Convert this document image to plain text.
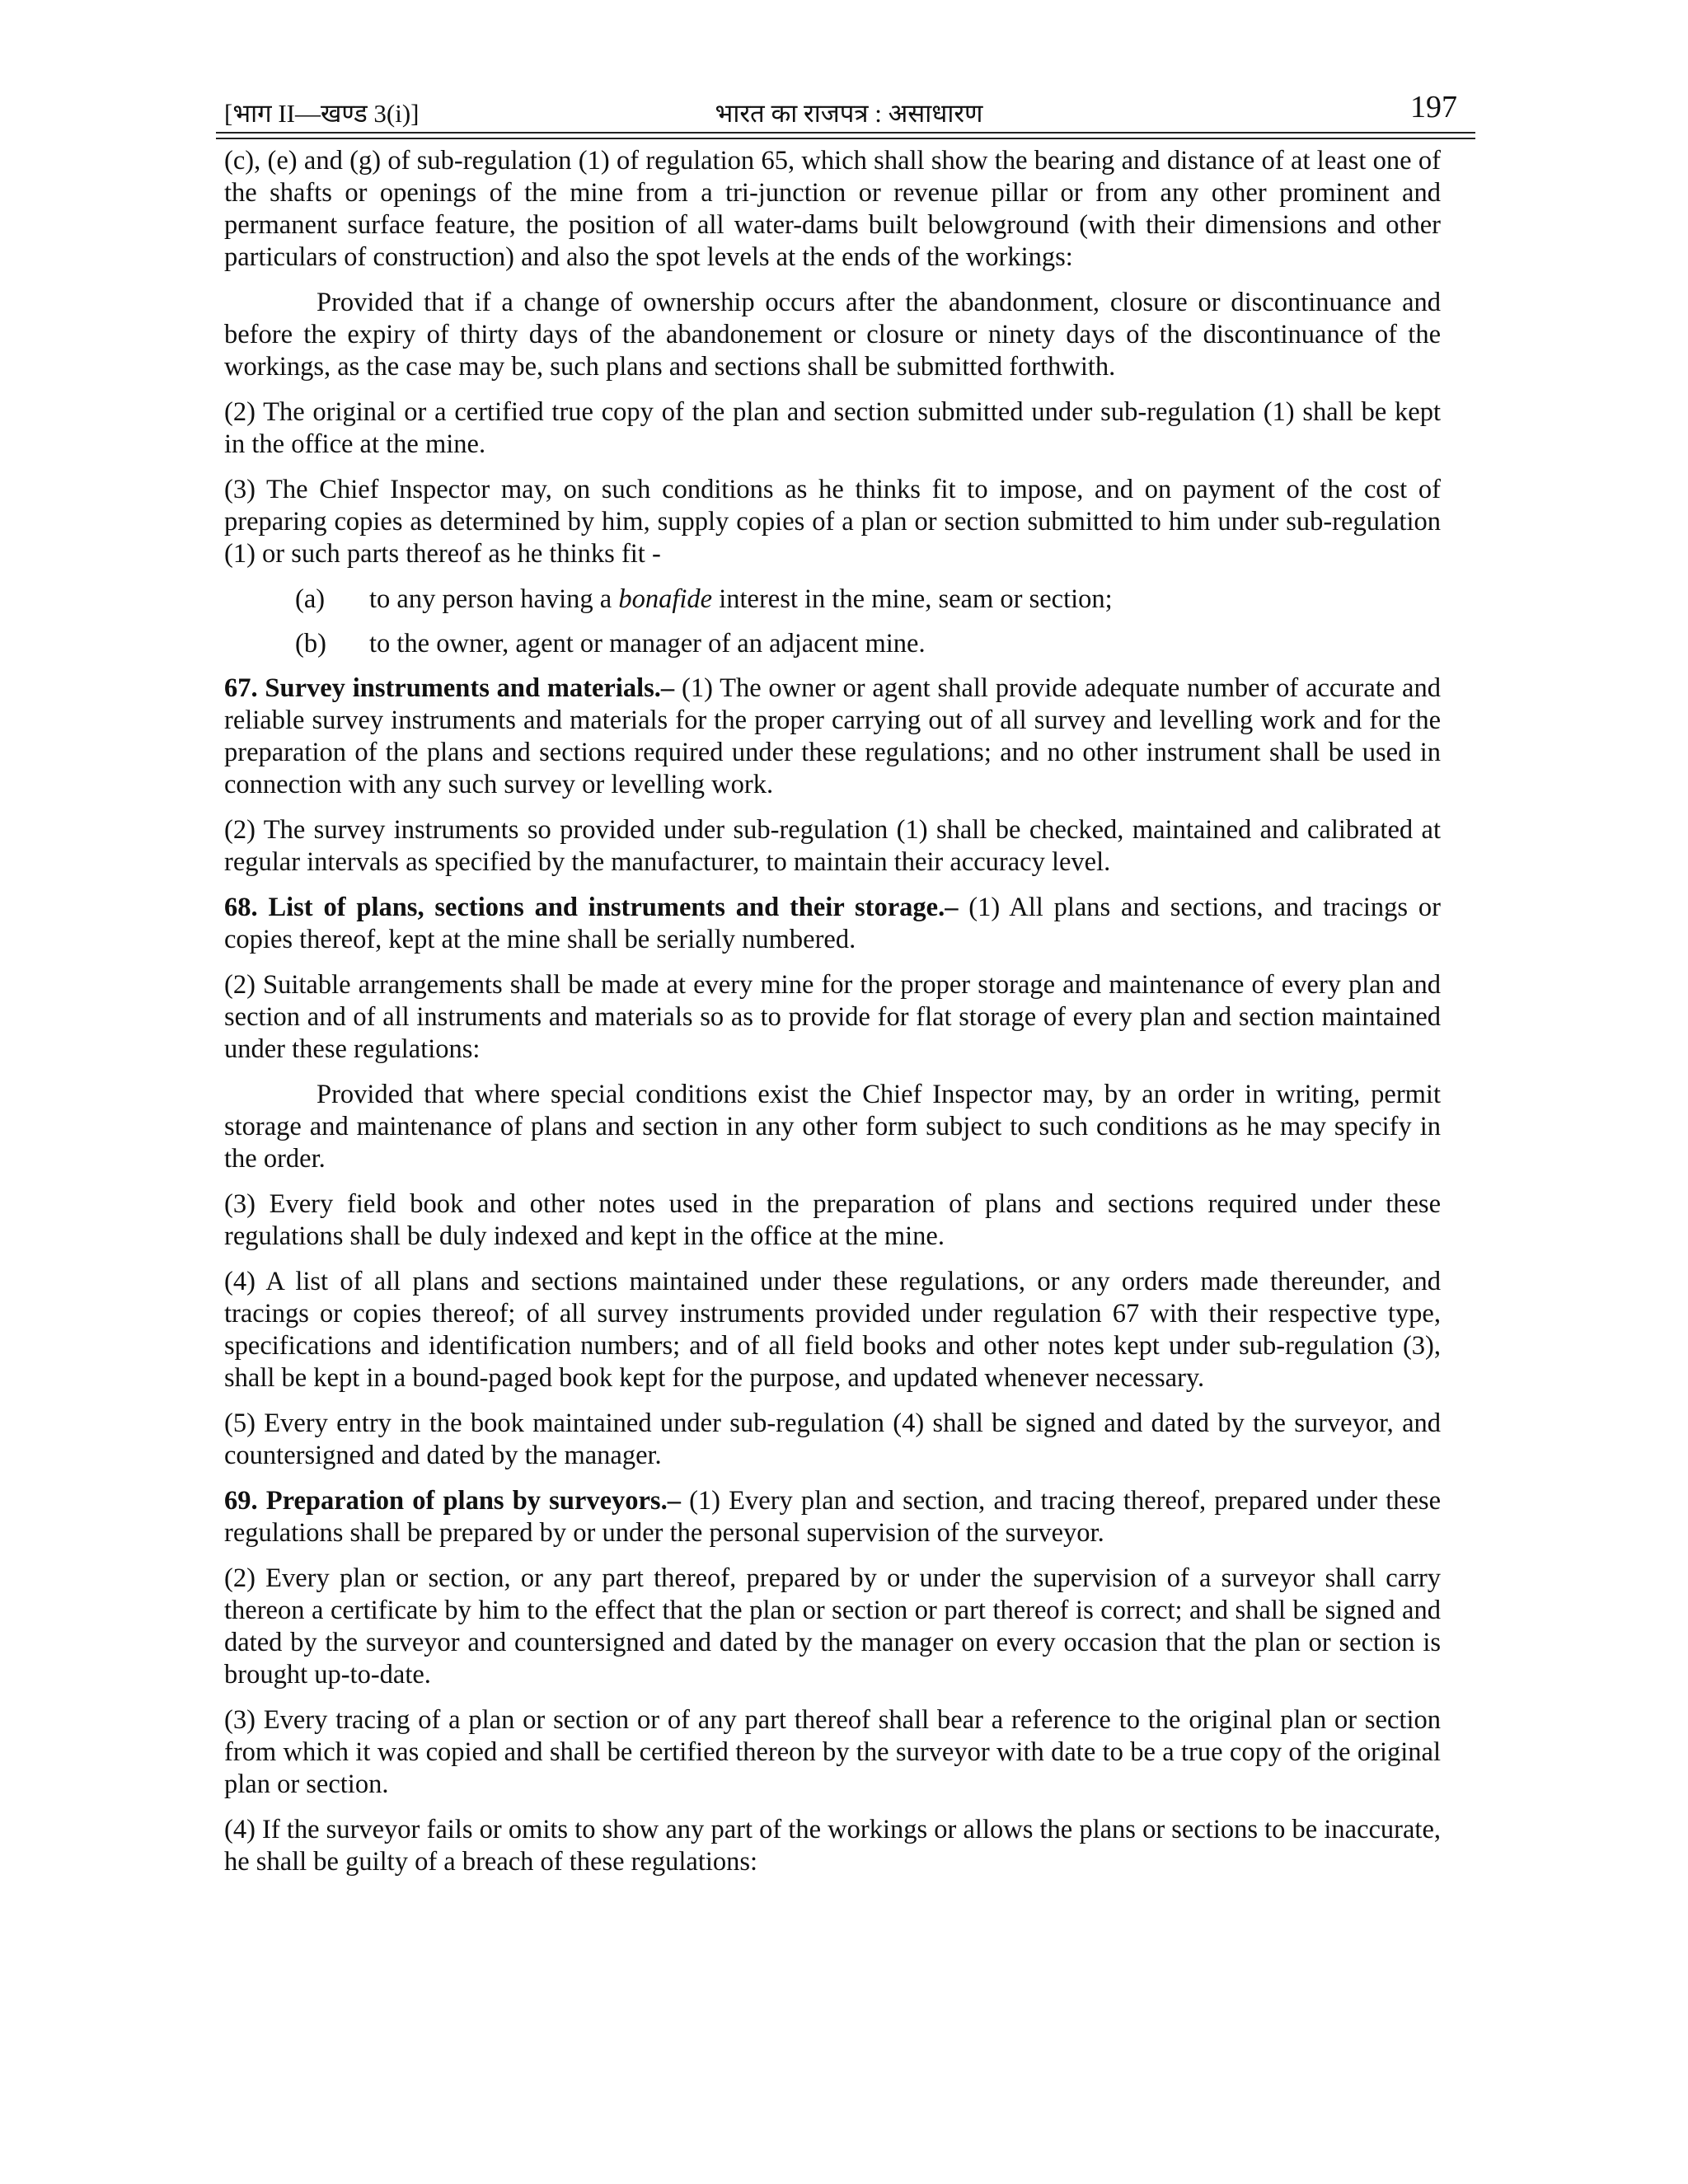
[भाग II—खण्ड 3(i)]	भारत का राजपत्र : असाधारण	197

(c), (e) and (g) of sub-regulation (1) of regulation 65, which shall show the bearing and distance of at least one of the shafts or openings of the mine from a tri-junction or revenue pillar or from any other prominent and permanent surface feature, the position of all water-dams built belowground (with their dimensions and other particulars of construction) and also the spot levels at the ends of the workings:

Provided that if a change of ownership occurs after the abandonment, closure or discontinuance and before the expiry of thirty days of the abandonement or closure or ninety days of the discontinuance of the workings, as the case may be, such plans and sections shall be submitted forthwith.

(2) The original or a certified true copy of the plan and section submitted under sub-regulation (1) shall be kept in the office at the mine.

(3) The Chief Inspector may, on such conditions as he thinks fit to impose, and on payment of the cost of preparing copies as determined by him, supply copies of a plan or section submitted to him under sub-regulation (1) or such parts thereof as he thinks fit -

(a)	to any person having a bonafide interest in the mine, seam or section;
(b)	to the owner, agent or manager of an adjacent mine.

67. Survey instruments and materials.– (1) The owner or agent shall provide adequate number of accurate and reliable survey instruments and materials for the proper carrying out of all survey and levelling work and for the preparation of the plans and sections required under these regulations; and no other instrument shall be used in connection with any such survey or levelling work.

(2) The survey instruments so provided under sub-regulation (1) shall be checked, maintained and calibrated at regular intervals as specified by the manufacturer, to maintain their accuracy level.

68. List of plans, sections and instruments and their storage.– (1) All plans and sections, and tracings or copies thereof, kept at the mine shall be serially numbered.

(2) Suitable arrangements shall be made at every mine for the proper storage and maintenance of every plan and section and of all instruments and materials so as to provide for flat storage of every plan and section maintained under these regulations:

Provided that where special conditions exist the Chief Inspector may, by an order in writing, permit storage and maintenance of plans and section in any other form subject to such conditions as he may specify in the order.

(3) Every field book and other notes used in the preparation of plans and sections required under these regulations shall be duly indexed and kept in the office at the mine.

(4) A list of all plans and sections maintained under these regulations, or any orders made thereunder, and tracings or copies thereof; of all survey instruments provided under regulation 67 with their respective type, specifications and identification numbers; and of all field books and other notes kept under sub-regulation (3), shall be kept in a bound-paged book kept for the purpose, and updated whenever necessary.

(5) Every entry in the book maintained under sub-regulation (4) shall be signed and dated by the surveyor, and countersigned and dated by the manager.

69. Preparation of plans by surveyors.– (1) Every plan and section, and tracing thereof, prepared under these regulations shall be prepared by or under the personal supervision of the surveyor.

(2) Every plan or section, or any part thereof, prepared by or under the supervision of a surveyor shall carry thereon a certificate by him to the effect that the plan or section or part thereof is correct; and shall be signed and dated by the surveyor and countersigned and dated by the manager on every occasion that the plan or section is brought up-to-date.

(3) Every tracing of a plan or section or of any part thereof shall bear a reference to the original plan or section from which it was copied and shall be certified thereon by the surveyor with date to be a true copy of the original plan or section.

(4) If the surveyor fails or omits to show any part of the workings or allows the plans or sections to be inaccurate, he shall be guilty of a breach of these regulations:
